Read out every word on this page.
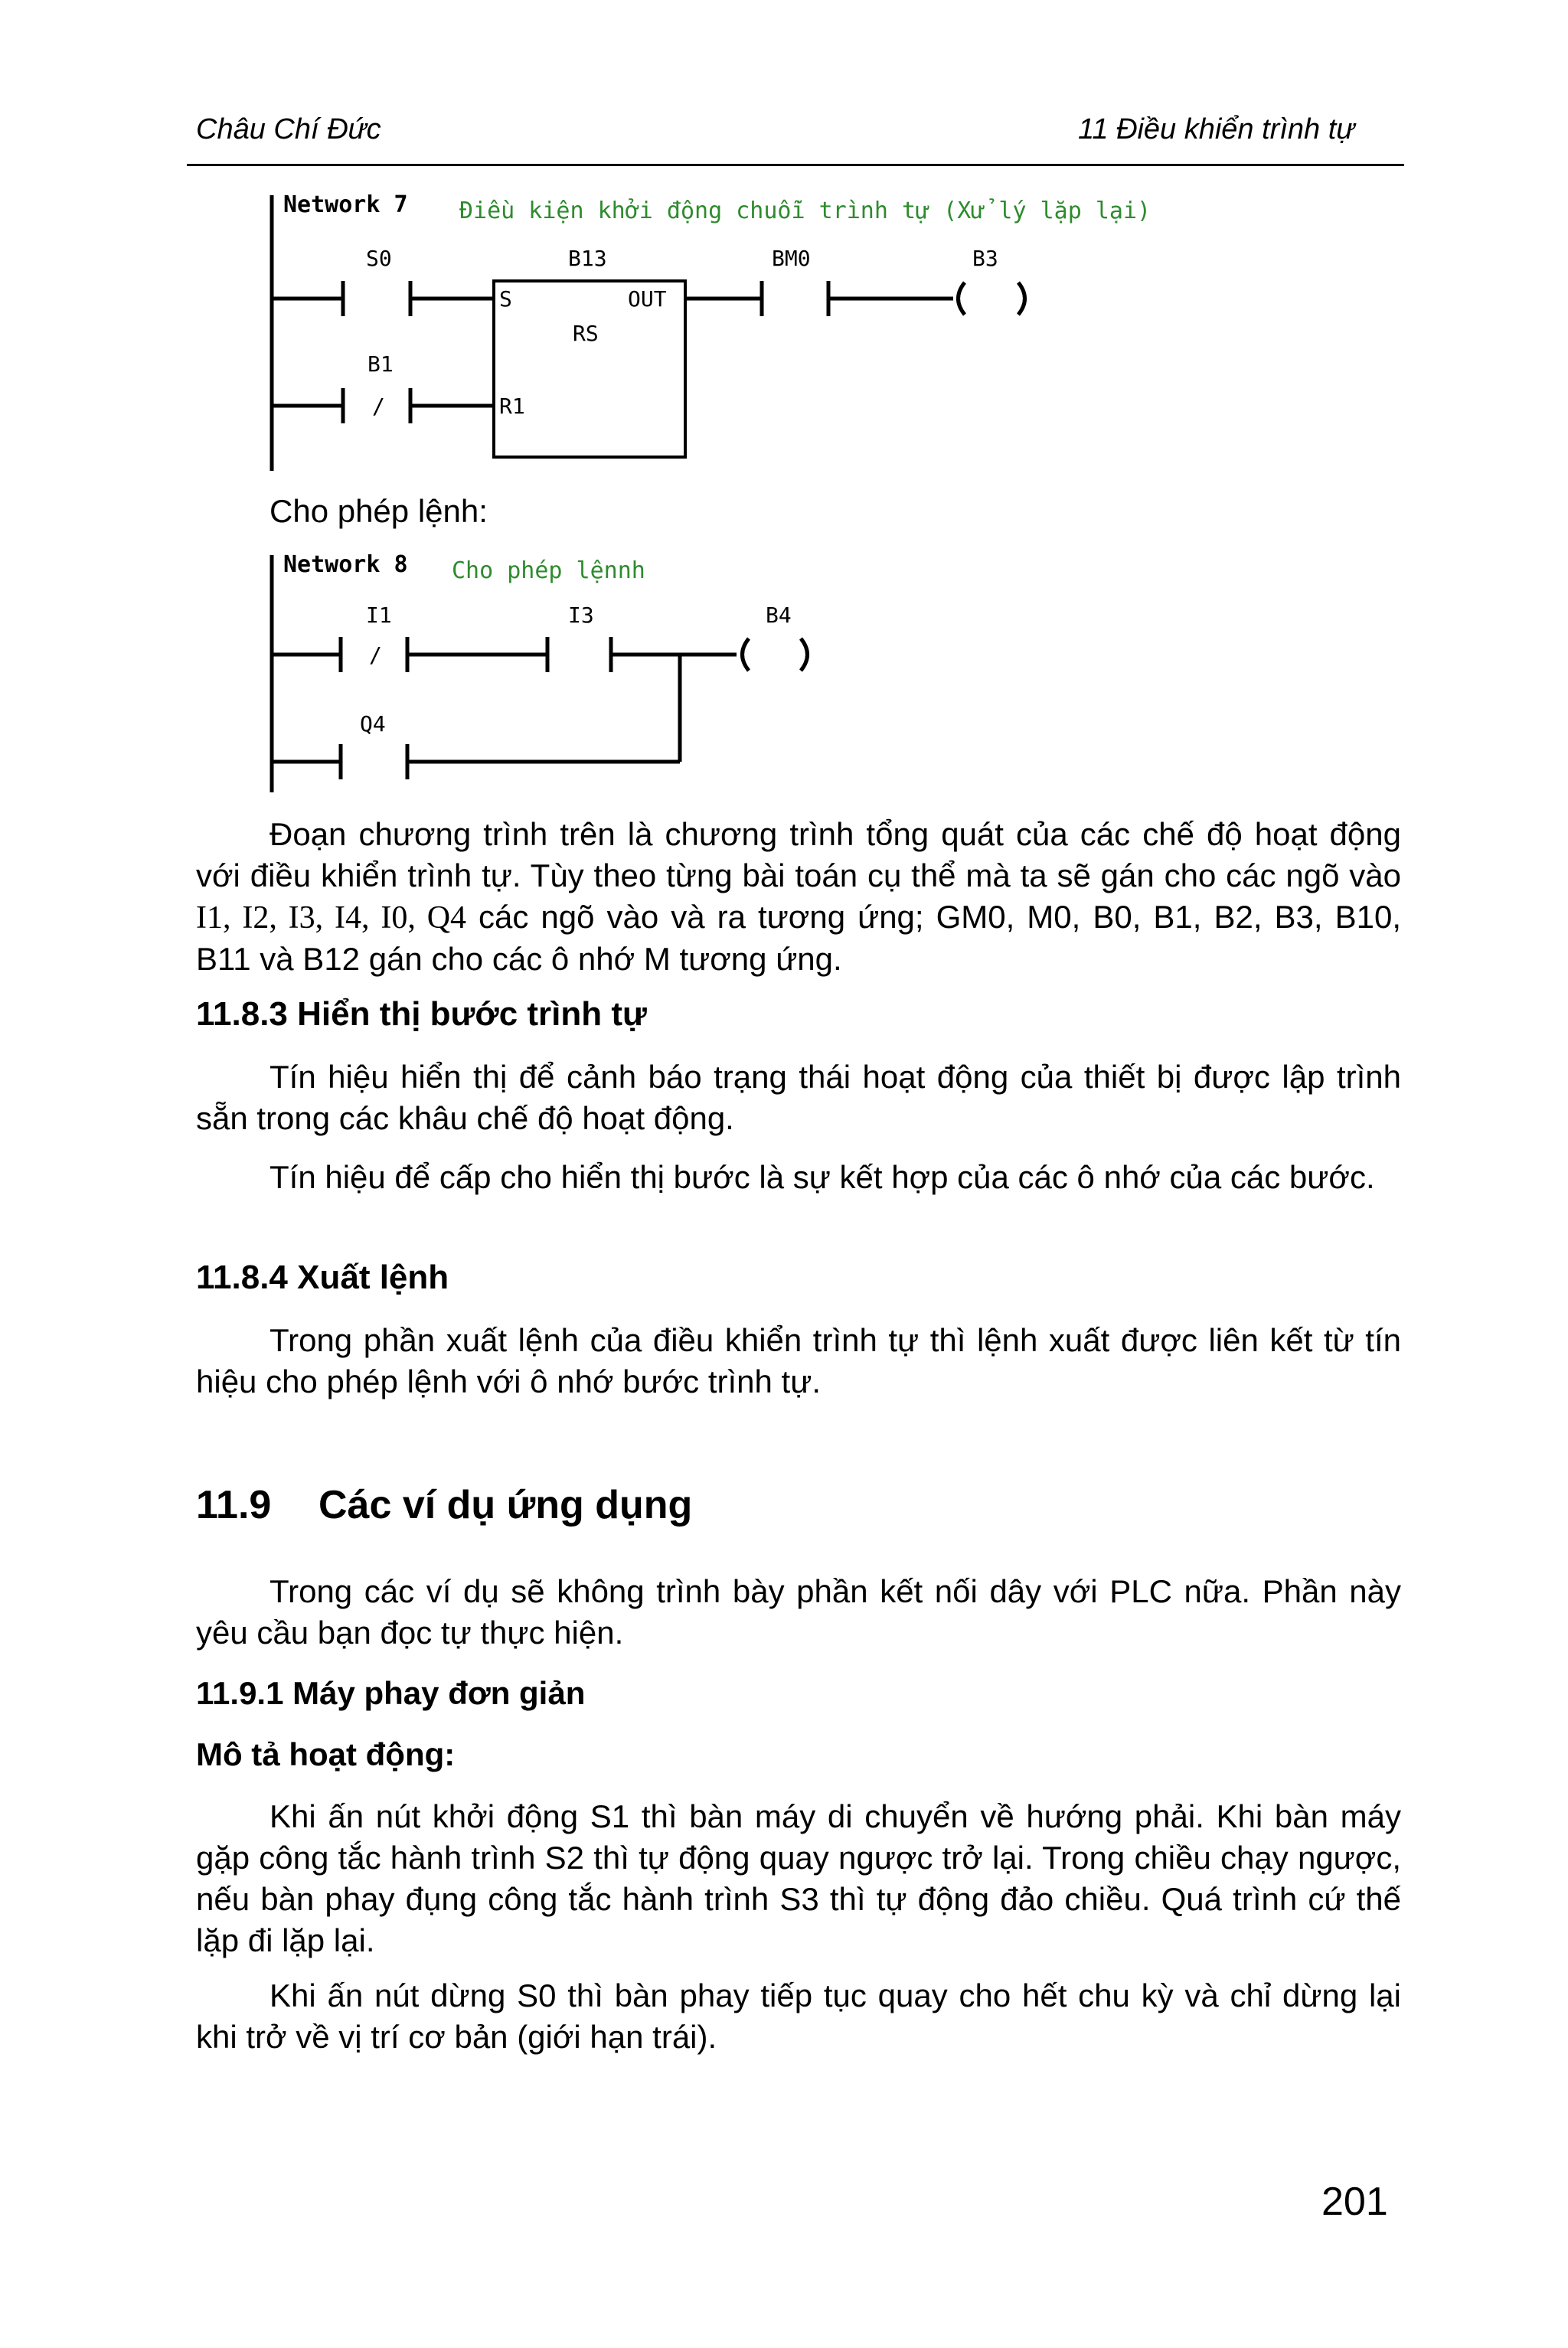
Châu Chí Đức	11 Điều khiển trình tự
Network 7 Điều kiện khởi động chuỗi trình tự (Xử lý lặp lại)
S0	B13
S	OUT
RS
R1
BM0	B3
B1
/
Cho phép lệnh:
Network 8 Cho phép lệnnh
I1
/
I3	B4
Q4
Đoạn chương trình trên là chương trình tổng quát của các chế độ hoạt động với điều khiển trình tự. Tùy theo từng bài toán cụ thể mà ta sẽ gán cho các ngõ vào I1, I2, I3, I4, I0, Q4 các ngõ vào và ra tương ứng; GM0, M0, B0, B1, B2, B3, B10, B11 và B12 gán cho các ô nhớ M tương ứng.
11.8.3 Hiển thị bước trình tự
Tín hiệu hiển thị để cảnh báo trạng thái hoạt động của thiết bị được lập trình sẵn trong các khâu chế độ hoạt động.
Tín hiệu để cấp cho hiển thị bước là sự kết hợp của các ô nhớ của các bước.
11.8.4 Xuất lệnh
Trong phần xuất lệnh của điều khiển trình tự thì lệnh xuất được liên kết từ tín hiệu cho phép lệnh với ô nhớ bước trình tự.
11.9 Các ví dụ ứng dụng
Trong các ví dụ sẽ không trình bày phần kết nối dây với PLC nữa. Phần này yêu cầu bạn đọc tự thực hiện.
11.9.1 Máy phay đơn giản
Mô tả hoạt động:
Khi ấn nút khởi động S1 thì bàn máy di chuyển về hướng phải. Khi bàn máy gặp công tắc hành trình S2 thì tự động quay ngược trở lại. Trong chiều chạy ngược, nếu bàn phay đụng công tắc hành trình S3 thì tự động đảo chiều. Quá trình cứ thế lặp đi lặp lại.
Khi ấn nút dừng S0 thì bàn phay tiếp tục quay cho hết chu kỳ và chỉ dừng lại khi trở về vị trí cơ bản (giới hạn trái).
201
